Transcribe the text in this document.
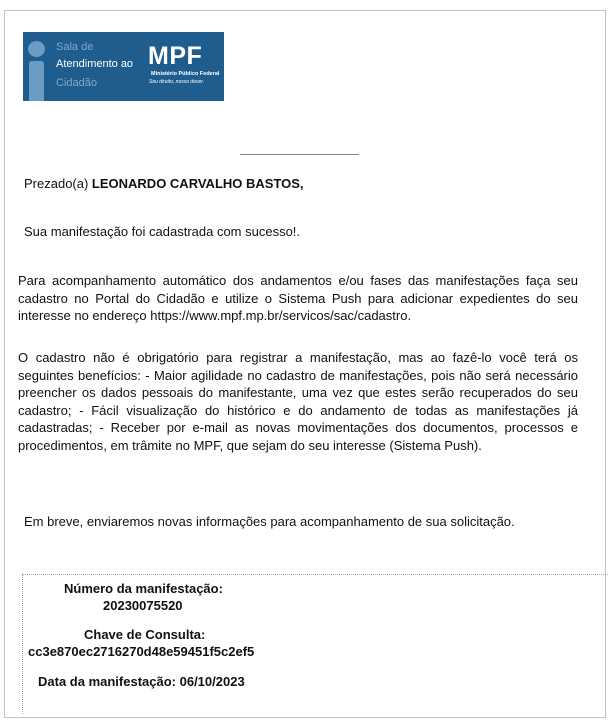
Sala de
Atendimento ao
Cidadão
MPF
Ministério Público Federal
Seu direito, nosso dever.
Prezado(a) LEONARDO CARVALHO BASTOS,
Sua manifestação foi cadastrada com sucesso!.
Para acompanhamento automático dos andamentos e/ou fases das manifestações faça seu cadastro no Portal do Cidadão e utilize o Sistema Push para adicionar expedientes do seu interesse no endereço https://www.mpf.mp.br/servicos/sac/cadastro.
O cadastro não é obrigatório para registrar a manifestação, mas ao fazê-lo você terá os seguintes benefícios: - Maior agilidade no cadastro de manifestações, pois não será necessário preencher os dados pessoais do manifestante, uma vez que estes serão recuperados do seu cadastro; - Fácil visualização do histórico e do andamento de todas as manifestações já cadastradas; - Receber por e-mail as novas movimentações dos documentos, processos e procedimentos, em trâmite no MPF, que sejam do seu interesse (Sistema Push).
Em breve, enviaremos novas informações para acompanhamento de sua solicitação.
Número da manifestação:
20230075520
Chave de Consulta:
cc3e870ec2716270d48e59451f5c2ef5
Data da manifestação: 06/10/2023
